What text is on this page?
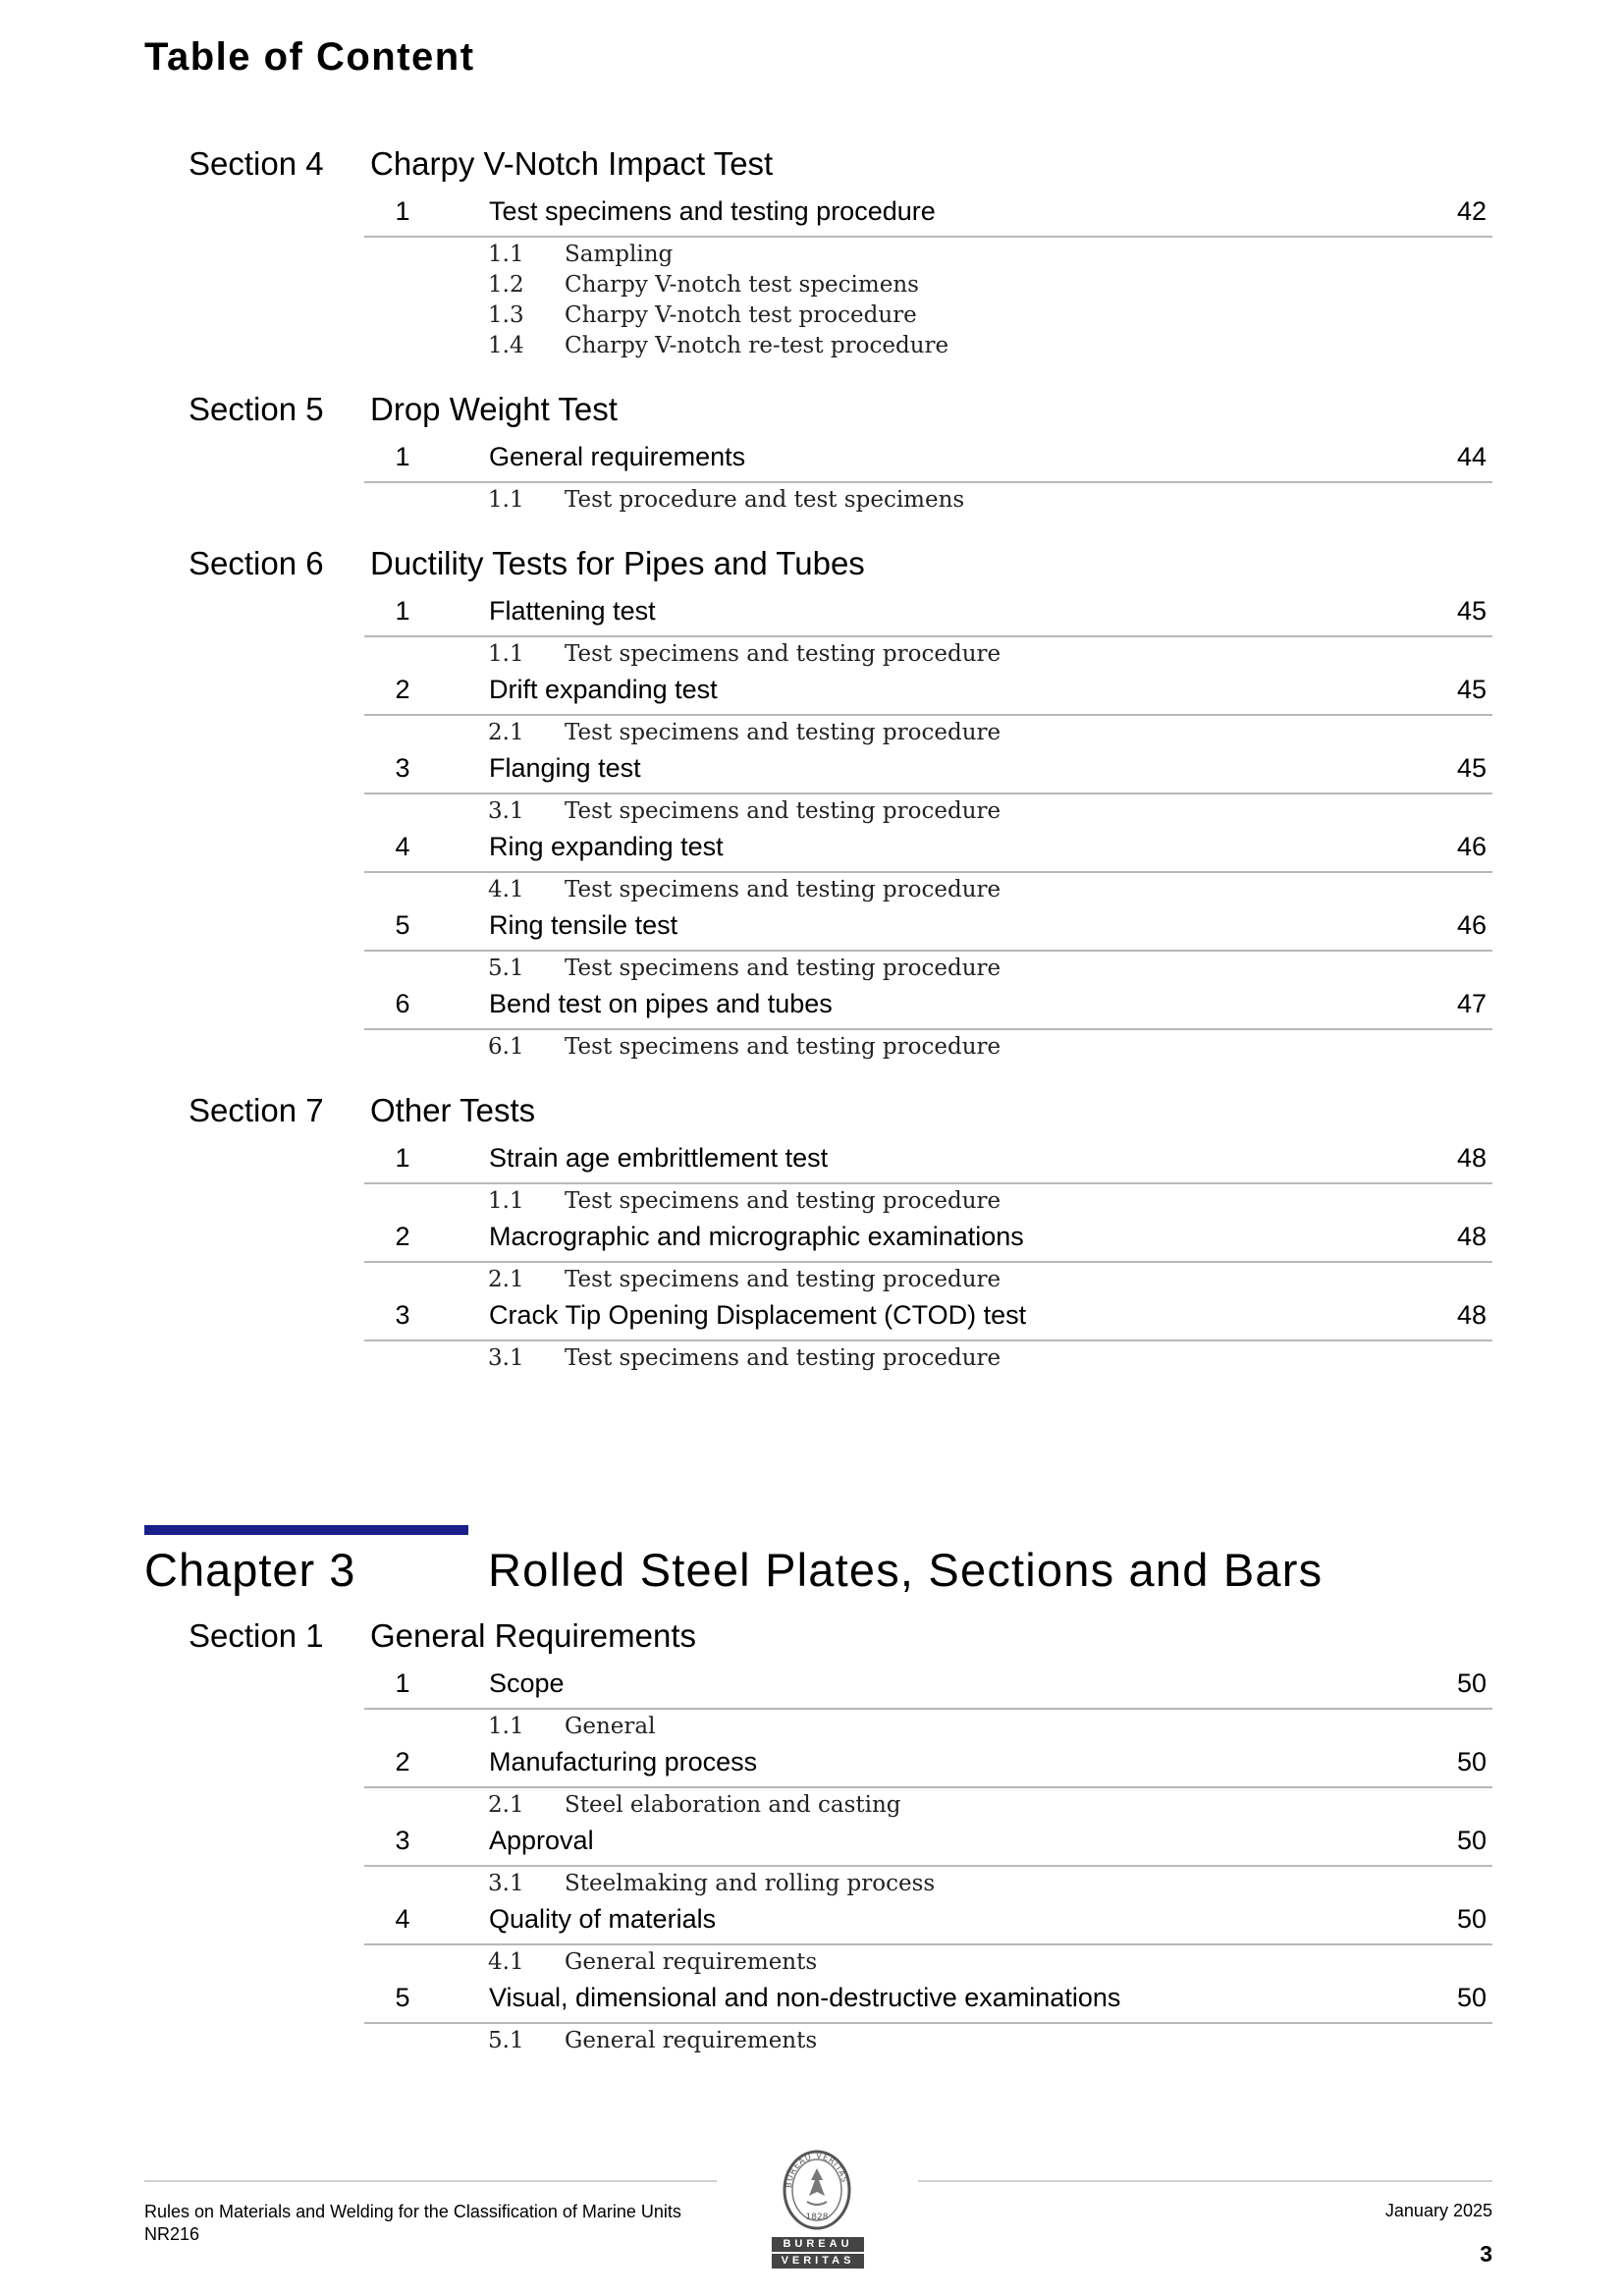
Table of Content
Section 4 Charpy V-Notch Impact Test
1	Test specimens and testing procedure	42
1.1 Sampling
1.2 Charpy V-notch test specimens
1.3 Charpy V-notch test procedure
1.4 Charpy V-notch re-test procedure
Section 5 Drop Weight Test
1	General requirements	44
1.1 Test procedure and test specimens
Section 6 Ductility Tests for Pipes and Tubes
1	Flattening test	45
1.1 Test specimens and testing procedure
2	Drift expanding test	45
2.1 Test specimens and testing procedure
3	Flanging test	45
3.1 Test specimens and testing procedure
4	Ring expanding test	46
4.1 Test specimens and testing procedure
5	Ring tensile test	46
5.1 Test specimens and testing procedure
6	Bend test on pipes and tubes	47
6.1 Test specimens and testing procedure
Section 7 Other Tests
1	Strain age embrittlement test	48
1.1 Test specimens and testing procedure
2	Macrographic and micrographic examinations	48
2.1 Test specimens and testing procedure
3	Crack Tip Opening Displacement (CTOD) test	48
3.1 Test specimens and testing procedure
Section 1 General Requirements
1	Scope	50
1.1 General
2	Manufacturing process	50
2.1 Steel elaboration and casting
3	Approval	50
3.1 Steelmaking and rolling process
4	Quality of materials	50
4.1 General requirements
5	Visual, dimensional and non-destructive examinations	50
5.1 General requirements
Chapter 3	Rolled Steel Plates, Sections and Bars
Rules on Materials and Welding for the Classification of Marine Units
NR216
January 2025
3
BUREAU VERITAS
1828
BUREAU
VERITAS
